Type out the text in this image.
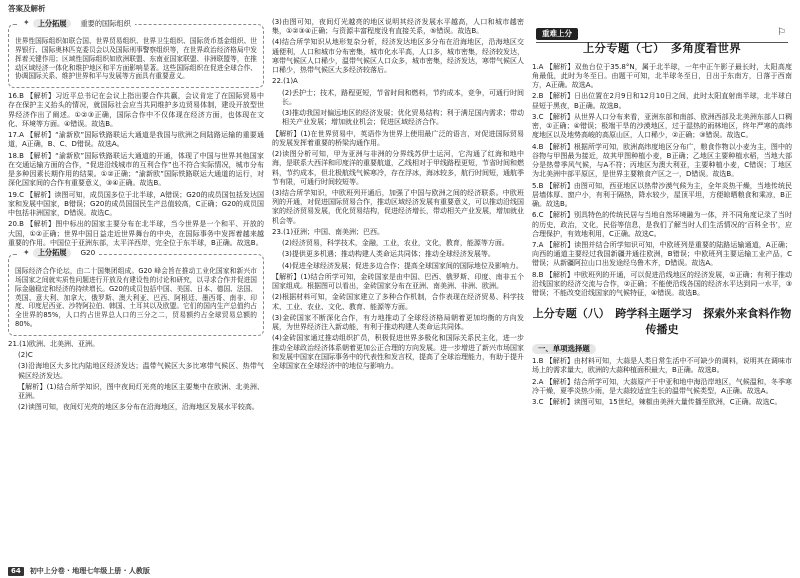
答案及解析
✦	上分拓展	重要的国际组织

世界性国际组织如联合国、世界贸易组织、世界卫生组织、国际货币基金组织、世界银行、国际奥林匹克委员会以及国际刑事警察组织等，在世界政治经济格局中发挥着关键作用；区域性国际组织如欧洲联盟、东南亚国家联盟、非洲联盟等，在推动区域经济一体化和维护地区和平方面影响显著。这些国际组织在促进全球合作、协调国际关系、维护世界和平与发展等方面具有重要意义。

16.B 【解析】习近平总书记在会议上指出要合作共赢，会议肯定了在国际贸易中存在保护主义抬头的情况，就国际社会应当共同维护多边贸易体制，建设开放型世界经济作出了阐述。①②③正确，国际合作中不仅体现在经济方面，也体现在文化、环境等方面。④错误。故选B。

17.A 【解析】“渝新欧”国际铁路联运大通道是我国与欧洲之间陆路运输的重要通道，A正确，B、C、D错误。故选A。

18.B 【解析】“渝新欧”国际铁路联运大通道的开通，体现了中国与世界其他国家在交通运输方面的合作，“促进沿线城市的互利合作”也不符合实际情况，城市分布是多种因素长期作用的结果。①②正确；“渝新欧”国际铁路联运大通道的运行，对深化国家间的合作有重要意义，③④正确。故选B。

19.C 【解析】读图可知，成员国多位于北半球，A错误；G20的成员国包括发达国家和发展中国家，B错误；G20的成员国国民生产总值较高，C正确；G20的成员国中包括非洲国家，D错误。故选C。

20.B 【解析】图中标出的国家主要分布在北半球，当今世界是一个和平、开放的大国，①②正确；世界中国日益走近世界舞台的中央，在国际事务中发挥着越来越重要的作用。中国位于亚洲东部，太平洋西岸，完全位于东半球，B正确。故选B。

✦	上分拓展	G20

国际经济合作论坛，由二十国集团组成。G20 峰会旨在推动工业化国家和新兴市场国家之间就实质性问题进行开放及有建设性的讨论和研究，以寻求合作并促进国际金融稳定和经济的持续增长。G20的成员包括中国、美国、日本、德国、法国、英国、意大利、加拿大、俄罗斯、澳大利亚、巴西、阿根廷、墨西哥、南非、印度、印度尼西亚、沙特阿拉伯、韩国、土耳其以及欧盟。它们的国内生产总值约占全世界的85%，人口约占世界总人口的三分之二，贸易额约占全球贸易总额的80%。

21.(1)欧洲、北美洲、亚洲。

(2)C

(3)沿海地区大多比内陆地区经济发达；温带气候区大多比寒带气候区、热带气候区经济发达。

【解析】(1)结合所学知识，图中夜间灯光亮的地区主要集中在欧洲、北美洲、亚洲。

(2)读图可知，夜间灯光亮的地区多分布在沿海地区，沿海地区发展水平较高。

(3)由图可知，夜间灯光越亮的地区说明其经济发展水平越高，人口和城市越密集，①②③④正确；与资源丰富程度没有直接关系，⑤错误。故选B。

(4)结合所学知识从地形复杂分析，经济发达地区多分布在沿海地区，沿海地区交通便利，人口和城市分布密集，城市化水平高，人口多，城市密集，经济较发达，寒带气候区人口稀少，温带气候区人口众多，城市密集，经济发达，寒带气候区人口稀少，热带气候区大多经济较落后。

22.(1)A

(2)丢护士；技术，路程更短，节省时间和燃料，节约成本，竞争，可通行时间长。

(3)推动我国对偏远地区的经济发展；优化贸易结构；利于满足国内需求；带动相关产业发展；增加就业机会；促进区域经济合作。

【解析】(1)在世界贸易中，英语作为世界上使用最广泛的语言，对促进国际贸易的发展发挥着重要的桥梁沟通作用。

(2)读图分析可知，甲为亚洲与非洲的分界线苏伊士运河，它沟通了红海和地中海，是联系大西洋和印度洋的重要航道，乙线相对于甲线路程更短，节省时间和燃料，节约成本，但北极航线气候寒冷，存在浮冰，海冰较多，航行时间短，通航季节有限，可通行时间较短等。

(3)结合所学知识，中欧班列开通后，加强了中国与欧洲之间的经济联系。中欧班列的开通，对促进国际贸易合作，推动区域经济发展有重要意义，可以推动沿线国家的经济贸易发展，优化贸易结构，促进经济增长，带动相关产业发展，增加就业机会等。

23.(1)亚洲；中国、南美洲；巴西。

(2)经济贸易，科学技术，金融，工业，农业，文化，教育，能源等方面。

(3)提供更多机遇；推动构建人类命运共同体；推动全球经济发展等。

(4)促进全球经济发展；促进多边合作；提高全球国家间的国际地位及影响力。

【解析】(1)结合所学可知，金砖国家是由中国、巴西、俄罗斯、印度、南非五个国家组成。根据图可以看出，金砖国家分布在亚洲、南美洲、非洲、欧洲。

(2)根据材料可知，金砖国家建立了多种合作机制，合作表现在经济贸易、科学技术、工业、农业、文化、教育、能源等方面。

(3)金砖国家不断深化合作，有力地推动了全球经济格局朝着更加均衡的方向发展，为世界经济注入新动能，有利于推动构建人类命运共同体。

(4)金砖国家通过推动组织扩员，积极促进世界多极化和国际关系民主化，进一步推动全球政治经济体系朝着更加公正合理的方向发展。进一步增进了新兴市场国家和发展中国家在国际事务中的代表性和发言权，提高了全球治理能力，有助于提升全球国家在全球经济中的地位与影响力。

重难上分	⚐
上分专题（七）　多角度看世界

1.A 【解析】双鱼台位于35.8°N，属于北半球，一年中正午影子最长时，太阳高度角最低，此时为冬至日。由题干可知，北半球冬至日，日出于东南方，日落于西南方，A正确。故选A。

2.B 【解析】日出位置在2月9日和12月10日之间，此时太阳直射南半球，北半球白昼短于黑夜，B正确。故选B。

3.C 【解析】从世界人口分布来看，亚洲东部和南部、欧洲西部及北美洲东部人口稠密，①正确；④错误；极端干旱的沙漠地区，过于湿热的雨林地区，终年严寒的高纬度地区以及地势高峻的高原山区，人口稀少，②正确；③错误。故选C。

4.B 【解析】根据所学可知，欧洲高纬度地区分布广，粮食作物以小麦为主，图中的谷物与甲图最为接近，故其甲图种植小麦，B正确；乙地区主要种植水稻，当地大部分是热带季风气候，与A不符；丙地区为澳大利亚，主要种植小麦，C错误；丁地区为北美洲中部平原区，是世界主要粮食产区之一，D错误。故选B。

5.B 【解析】由图可知，西亚地区以热带沙漠气候为主，全年炎热干燥，当地传统民居墙体厚、窗户小，有利于隔热，降水较少，屋顶平坦，方便晾晒粮食和乘凉，B正确。故选B。

6.C 【解析】别具特色的传统民居与当地自然环境融为一体，并不同角度记录了当时的历史，政治，文化，民俗等信息，是我们了解当时人们生活情况的‘百科全书’，应合理保护，有效地利用，C正确。故选C。

7.A 【解析】读图并结合所学知识可知，中欧班列是重要的陆路运输通道，A正确；向西的通道主要经过我国新疆并通往欧洲，B错误；中欧班列主要运输工业产品，C错误；从新疆阿拉山口出发途经乌鲁木齐，D错误。故选A。

8.B 【解析】中欧班列的开通，可以促进沿线地区的经济发展，①正确；有利于推动沿线国家的经济交流与合作，②正确；不能使沿线各国的经济水平达到同一水平，③错误；不能改变沿线国家的气候特征，④错误。故选B。

上分专题（八）　跨学科主题学习　探索外来食料作物传播史
一、单项选择题

1.B 【解析】由材料可知，大蒜是人类日常生活中不可缺少的调料，说明其在调味市场上的需求量大，欧洲的大蒜种植面积最大，B正确。故选B。

2.A 【解析】结合所学可知，大蒜原产于中亚和地中海沿岸地区，气候温和，冬季寒冷干燥，夏季炎热少雨，是大蒜较适宜生长的温带气候类型，A正确。故选A。

3.C 【解析】读图可知，15世纪，辣椒由美洲大量传播至欧洲，C正确。故选C。

64	初中上分卷 · 地理七年级上册 · 人教版
